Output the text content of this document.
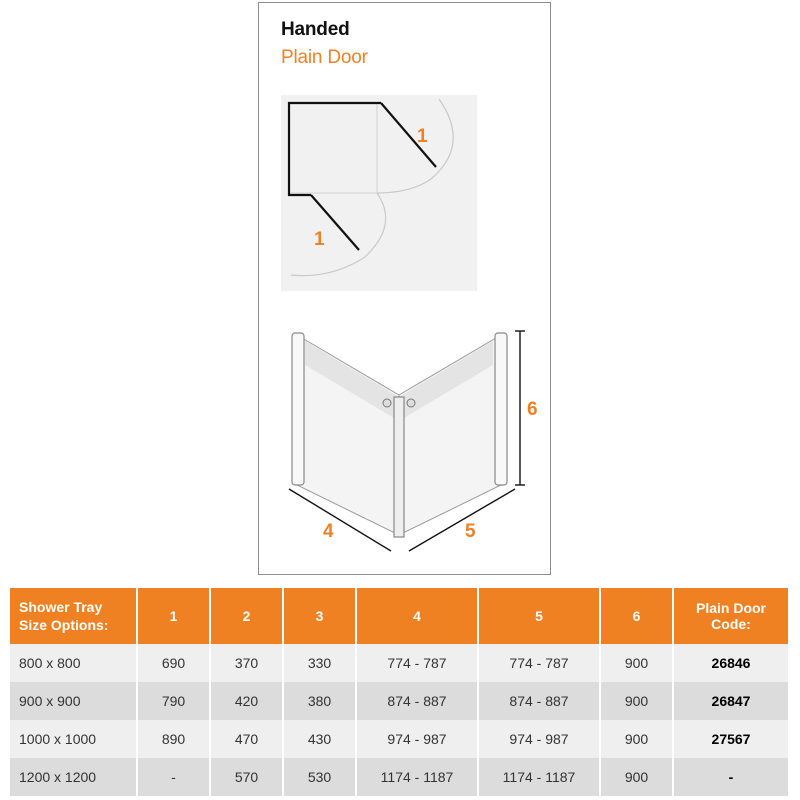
Handed
Plain Door
1
1
6
4	5
Shower Tray
Size Options:	1	2	3	4	5	6	Plain Door
Code:

800 x 800	690	370	330	774 - 787	774 - 787	900	26846
900 x 900	790	420	380	874 - 887	874 - 887	900	26847
1000 x 1000	890	470	430	974 - 987	974 - 987	900	27567
1200 x 1200	-	570	530	1174 - 1187	1174 - 1187	900	-
